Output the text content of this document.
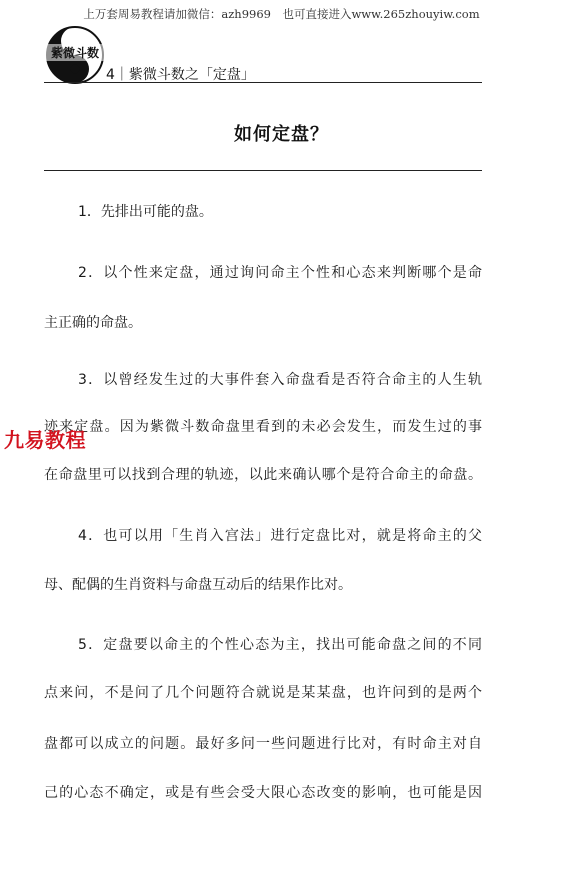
上万套周易教程请加微信：azh9969　也可直接进入www.265zhouyiw.com
紫微斗数
4｜紫微斗数之「定盘」
如何定盘？
1．先排出可能的盘。
2．以个性来定盘，通过询问命主个性和心态来判断哪个是命
主正确的命盘。
3．以曾经发生过的大事件套入命盘看是否符合命主的人生轨
迹来定盘。因为紫微斗数命盘里看到的未必会发生，而发生过的事
在命盘里可以找到合理的轨迹，以此来确认哪个是符合命主的命盘。
4．也可以用「生肖入宫法」进行定盘比对，就是将命主的父
母、配偶的生肖资料与命盘互动后的结果作比对。
5．定盘要以命主的个性心态为主，找出可能命盘之间的不同
点来问，不是问了几个问题符合就说是某某盘，也许问到的是两个
盘都可以成立的问题。最好多问一些问题进行比对，有时命主对自
己的心态不确定，或是有些会受大限心态改变的影响，也可能是因
九易教程
